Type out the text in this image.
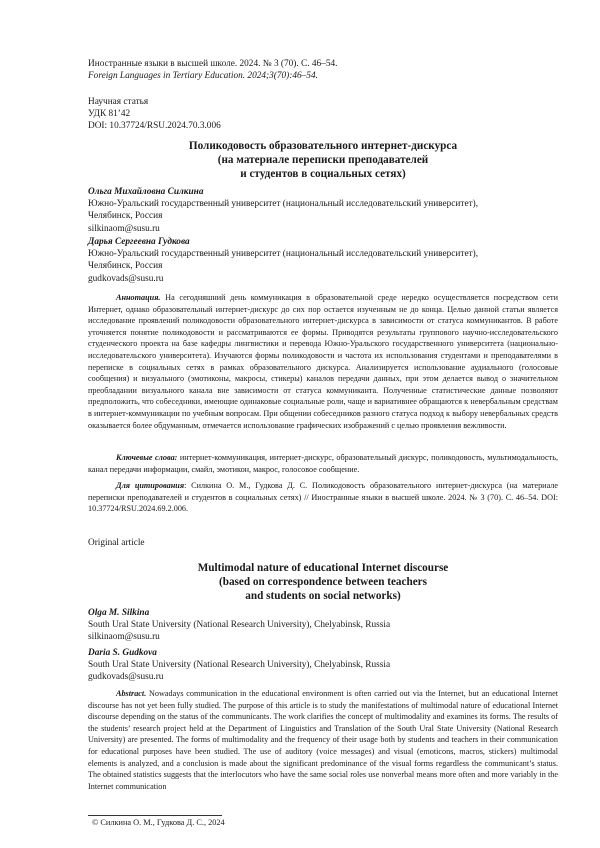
Иностранные языки в высшей школе. 2024. № 3 (70). С. 46–54.
Foreign Languages in Tertiary Education. 2024;3(70):46–54.
Научная статья
УДК 81’42
DOI: 10.37724/RSU.2024.70.3.006
Поликодовость образовательного интернет-дискурса
(на материале переписки преподавателей
и студентов в социальных сетях)
Ольга Михайловна Силкина
Южно-Уральский государственный университет (национальный исследовательский университет),
Челябинск, Россия
silkinaom@susu.ru
Дарья Сергеевна Гудкова
Южно-Уральский государственный университет (национальный исследовательский университет),
Челябинск, Россия
gudkovads@susu.ru
Аннотация. На сегодняшний день коммуникация в образовательной среде нередко осуществляется посредством сети Интернет, однако образовательный интернет-дискурс до сих пор остается изученным не до конца. Целью данной статьи является исследование проявлений поликодовости образовательного интернет-дискурса в зависимости от статуса коммуникантов. В работе уточняется понятие поликодовости и рассматриваются ее формы. Приводятся результаты группового научно-исследовательского студенческого проекта на базе кафедры лингвистики и перевода Южно-Уральского государственного университета (национально-исследовательского университета). Изучаются формы поликодовости и частота их использования студентами и преподавателями в переписке в социальных сетях в рамках образовательного дискурса. Анализируется использование аудиального (голосовые сообщения) и визуального (эмотиконы, макросы, стикеры) каналов передачи данных, при этом делается вывод о значительном преобладании визуального канала вне зависимости от статуса коммуниканта. Полученные статистические данные позволяют предположить, что собеседники, имеющие одинаковые социальные роли, чаще и вариативнее обращаются к невербальным средствам в интернет-коммуникации по учебным вопросам. При общении собеседников разного статуса подход к выбору невербальных средств оказывается более обдуманным, отмечается использование графических изображений с целью проявления вежливости.
Ключевые слова: интернет-коммуникация, интернет-дискурс, образовательный дискурс, поликодовость, мультимодальность, канал передачи информации, смайл, эмотикон, макрос, голосовое сообщение.
Для цитирования: Силкина О. М., Гудкова Д. С. Поликодовость образовательного интернет-дискурса (на материале переписки преподавателей и студентов в социальных сетях) // Иностранные языки в высшей школе. 2024. № 3 (70). С. 46–54. DOI: 10.37724/RSU.2024.69.2.006.
Original article
Multimodal nature of educational Internet discourse
(based on correspondence between teachers
and students on social networks)
Olga M. Silkina
South Ural State University (National Research University), Chelyabinsk, Russia
silkinaom@susu.ru
Daria S. Gudkova
South Ural State University (National Research University), Chelyabinsk, Russia
gudkovads@susu.ru
Abstract. Nowadays communication in the educational environment is often carried out via the Internet, but an educational Internet discourse has not yet been fully studied. The purpose of this article is to study the manifestations of multimodal nature of educational Internet discourse depending on the status of the communicants. The work clarifies the concept of multimodality and examines its forms. The results of the students’ research project held at the Department of Linguistics and Translation of the South Ural State University (National Research University) are presented. The forms of multimodality and the frequency of their usage both by students and teachers in their communication for educational purposes have been studied. The use of auditory (voice messages) and visual (emoticons, macros, stickers) multimodal elements is analyzed, and a conclusion is made about the significant predominance of the visual forms regardless the communicant’s status. The obtained statistics suggests that the interlocutors who have the same social roles use nonverbal means more often and more variably in the Internet communication
© Силкина О. М., Гудкова Д. С., 2024
